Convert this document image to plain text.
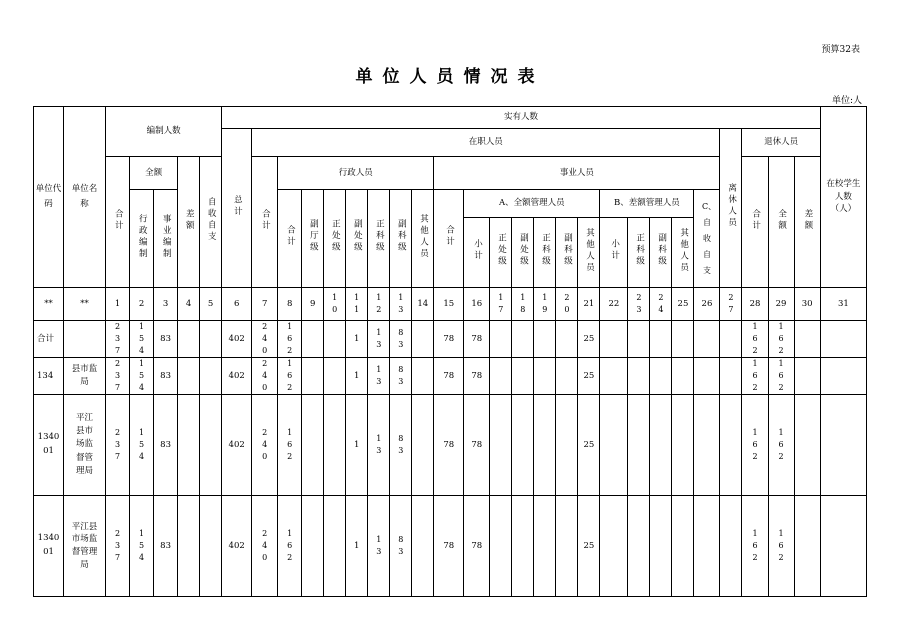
预算32表
单位人员情况表
单位:人
单位代码	单位名称	编制人数					实有人数																									在校学生人数（人）
							总计	在职人员																				离休人员	退休人员			
		合计	全额		差额	自收自支		合计	行政人员							事业人员													合计	全额	差额	
			行政编制	事业编制					合计	副厅级	正处级	副处级	正科级	副科级	其他人员	合计	A、全额管理人员						B、差额管理人员				C、自收自支					
																	小计	正处级	副处级	正科级	副科级	其他人员	小计	正科级	副科级	其他人员						

**	**	1	2	3	4	5	6	7	8	9	10	11	12	13	14	15	16	17	18	19	20	21	22	23	24	25	26	27	28	29	30	31
合计		237	154	83			402	240	162			1	13	83		78	78					25							162	162		
134	县市监局	237	154	83			402	240	162			1	13	83		78	78					25							162	162		
134001	平江县市场监督管理局	237	154	83			402	240	162			1	13	83		78	78					25							162	162		
134001	平江县市场监督管理局	237	154	83			402	240	162			1	13	83		78	78					25							162	162		
